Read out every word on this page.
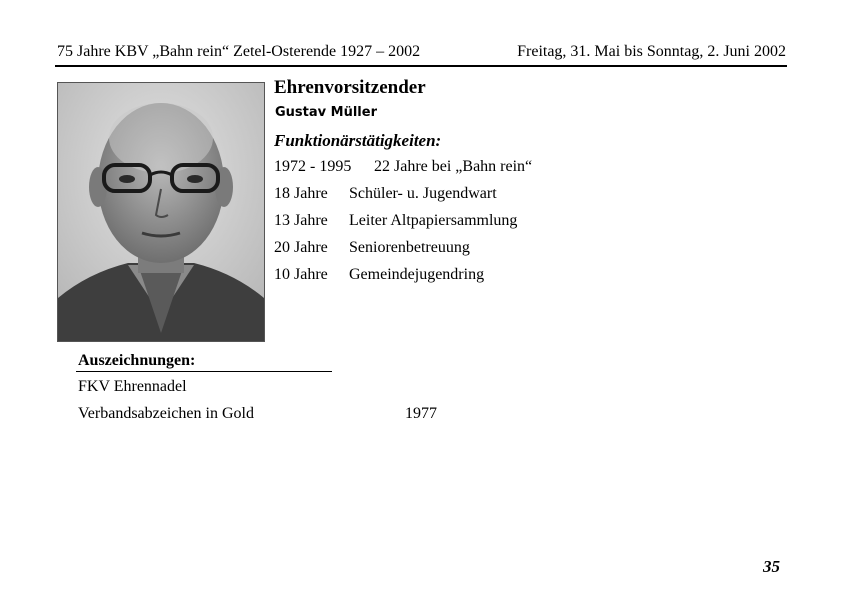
75 Jahre KBV „Bahn rein“ Zetel-Osterende 1927 – 2002	Freitag, 31. Mai bis Sonntag, 2. Juni 2002
Ehrenvorsitzender
Gustav Müller
Funktionärstätigkeiten:
1972 - 1995 22 Jahre bei „Bahn rein“
18 Jahre Schüler- u. Jugendwart
13 Jahre Leiter Altpapiersammlung
20 Jahre Seniorenbetreuung
10 Jahre Gemeindejugendring
Auszeichnungen:
FKV Ehrennadel
Verbandsabzeichen in Gold	1977
35
